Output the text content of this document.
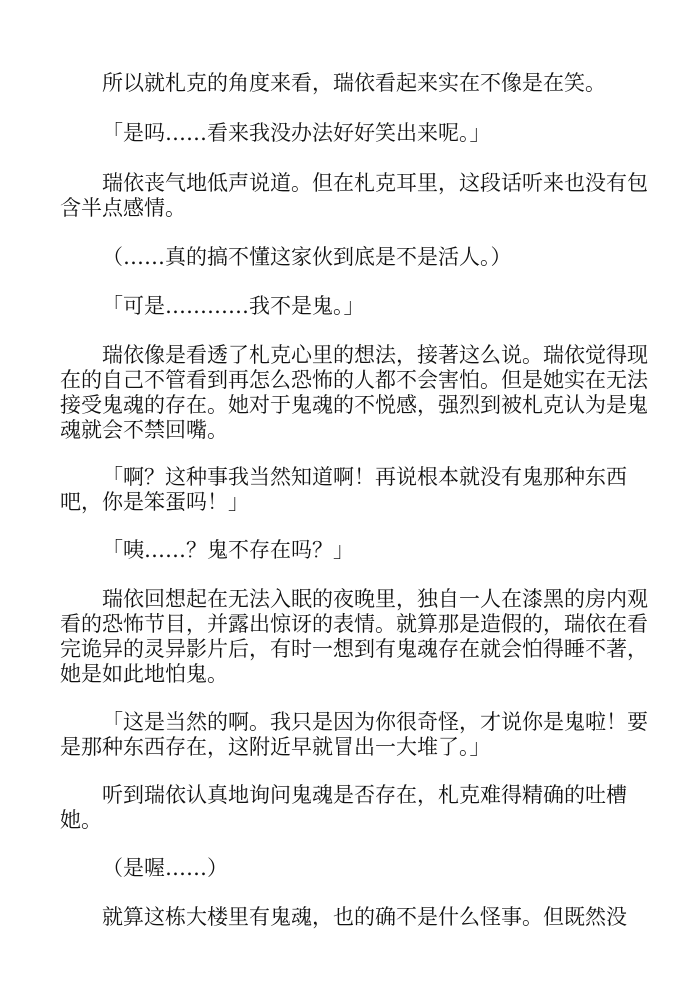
所以就札克的角度来看，瑞依看起来实在不像是在笑。

「是吗……看来我没办法好好笑出来呢。」

瑞依丧气地低声说道。但在札克耳里，这段话听来也没有包含半点感情。

（……真的搞不懂这家伙到底是不是活人。）

「可是…………我不是鬼。」

瑞依像是看透了札克心里的想法，接著这么说。瑞依觉得现在的自己不管看到再怎么恐怖的人都不会害怕。但是她实在无法接受鬼魂的存在。她对于鬼魂的不悦感，强烈到被札克认为是鬼魂就会不禁回嘴。

「啊？这种事我当然知道啊！再说根本就没有鬼那种东西吧，你是笨蛋吗！」

「咦……？鬼不存在吗？」

瑞依回想起在无法入眠的夜晚里，独自一人在漆黑的房内观看的恐怖节目，并露出惊讶的表情。就算那是造假的，瑞依在看完诡异的灵异影片后，有时一想到有鬼魂存在就会怕得睡不著，她是如此地怕鬼。

「这是当然的啊。我只是因为你很奇怪，才说你是鬼啦！要是那种东西存在，这附近早就冒出一大堆了。」

听到瑞依认真地询问鬼魂是否存在，札克难得精确的吐槽她。

（是喔……）

就算这栋大楼里有鬼魂，也的确不是什么怪事。但既然没
